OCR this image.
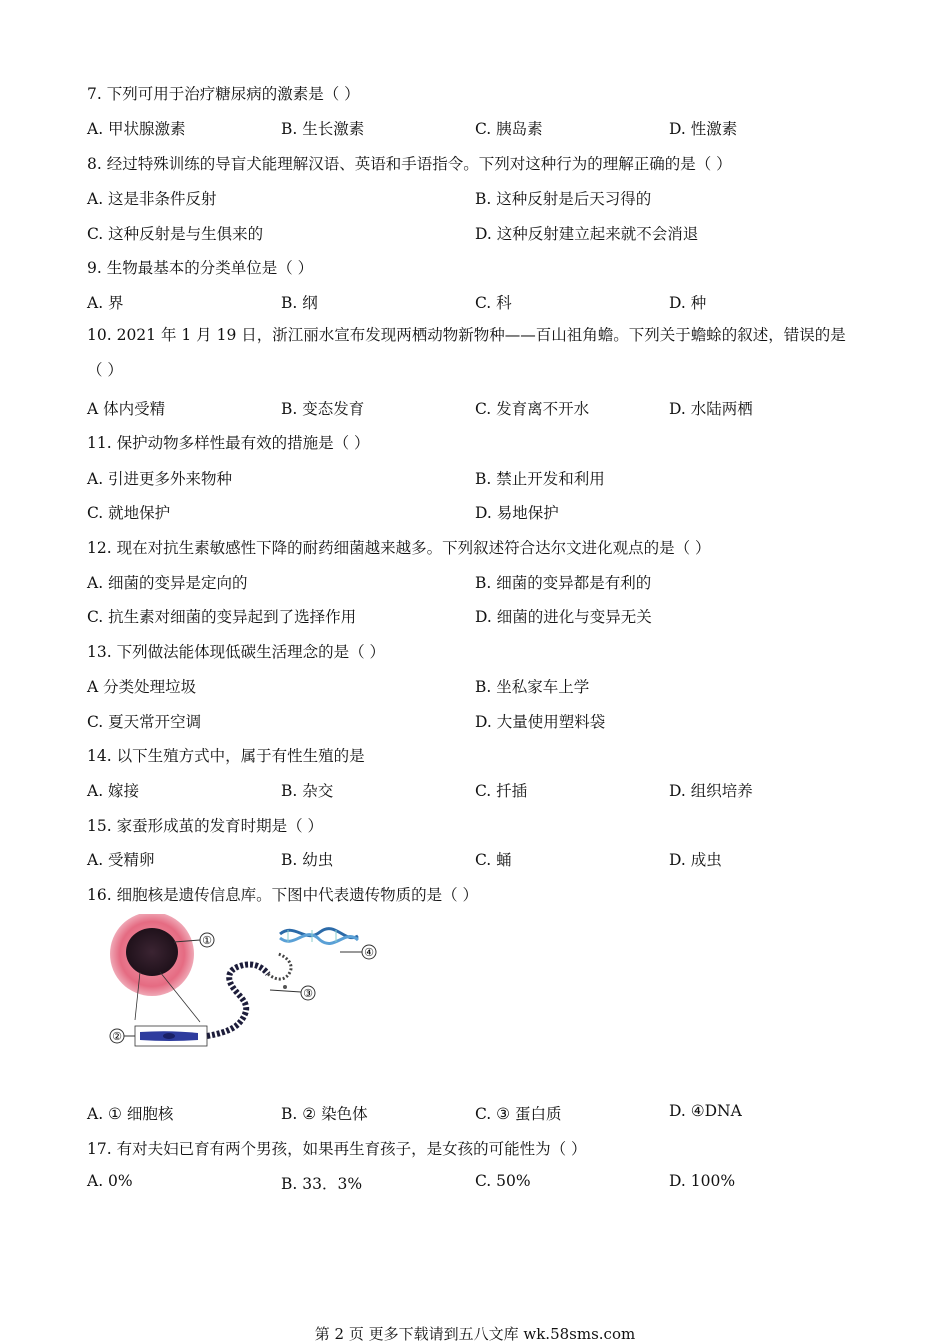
7. 下列可用于治疗糖尿病的激素是（ ）
A. 甲状腺激素	B. 生长激素	C. 胰岛素	D. 性激素
8. 经过特殊训练的导盲犬能理解汉语、英语和手语指令。下列对这种行为的理解正确的是（ ）
A. 这是非条件反射	B. 这种反射是后天习得的
C. 这种反射是与生俱来的	D. 这种反射建立起来就不会消退
9. 生物最基本的分类单位是（ ）
A. 界	B. 纲	C. 科	D. 种
10. 2021 年 1 月 19 日，浙江丽水宣布发现两栖动物新物种——百山祖角蟾。下列关于蟾蜍的叙述，错误的是（ ）
A 体内受精	B. 变态发育	C. 发育离不开水	D. 水陆两栖
11. 保护动物多样性最有效的措施是（ ）
A. 引进更多外来物种	B. 禁止开发和利用
C. 就地保护	D. 易地保护
12. 现在对抗生素敏感性下降的耐药细菌越来越多。下列叙述符合达尔文进化观点的是（ ）
A. 细菌的变异是定向的	B. 细菌的变异都是有利的
C. 抗生素对细菌的变异起到了选择作用	D. 细菌的进化与变异无关
13. 下列做法能体现低碳生活理念的是（ ）
A 分类处理垃圾	B. 坐私家车上学
C. 夏天常开空调	D. 大量使用塑料袋
14. 以下生殖方式中，属于有性生殖的是
A. 嫁接	B. 杂交	C. 扦插	D. 组织培养
15. 家蚕形成茧的发育时期是（ ）
A. 受精卵	B. 幼虫	C. 蛹	D. 成虫
16. 细胞核是遗传信息库。下图中代表遗传物质的是（ ）
①
②
③
④
A. ① 细胞核	B. ② 染色体	C. ③ 蛋白质	D. ④DNA
17. 有对夫妇已育有两个男孩，如果再生育孩子，是女孩的可能性为（ ）
A. 0%	B. 33．3%	C. 50%	D. 100%
第 2 页 更多下载请到五八文库 wk.58sms.com
